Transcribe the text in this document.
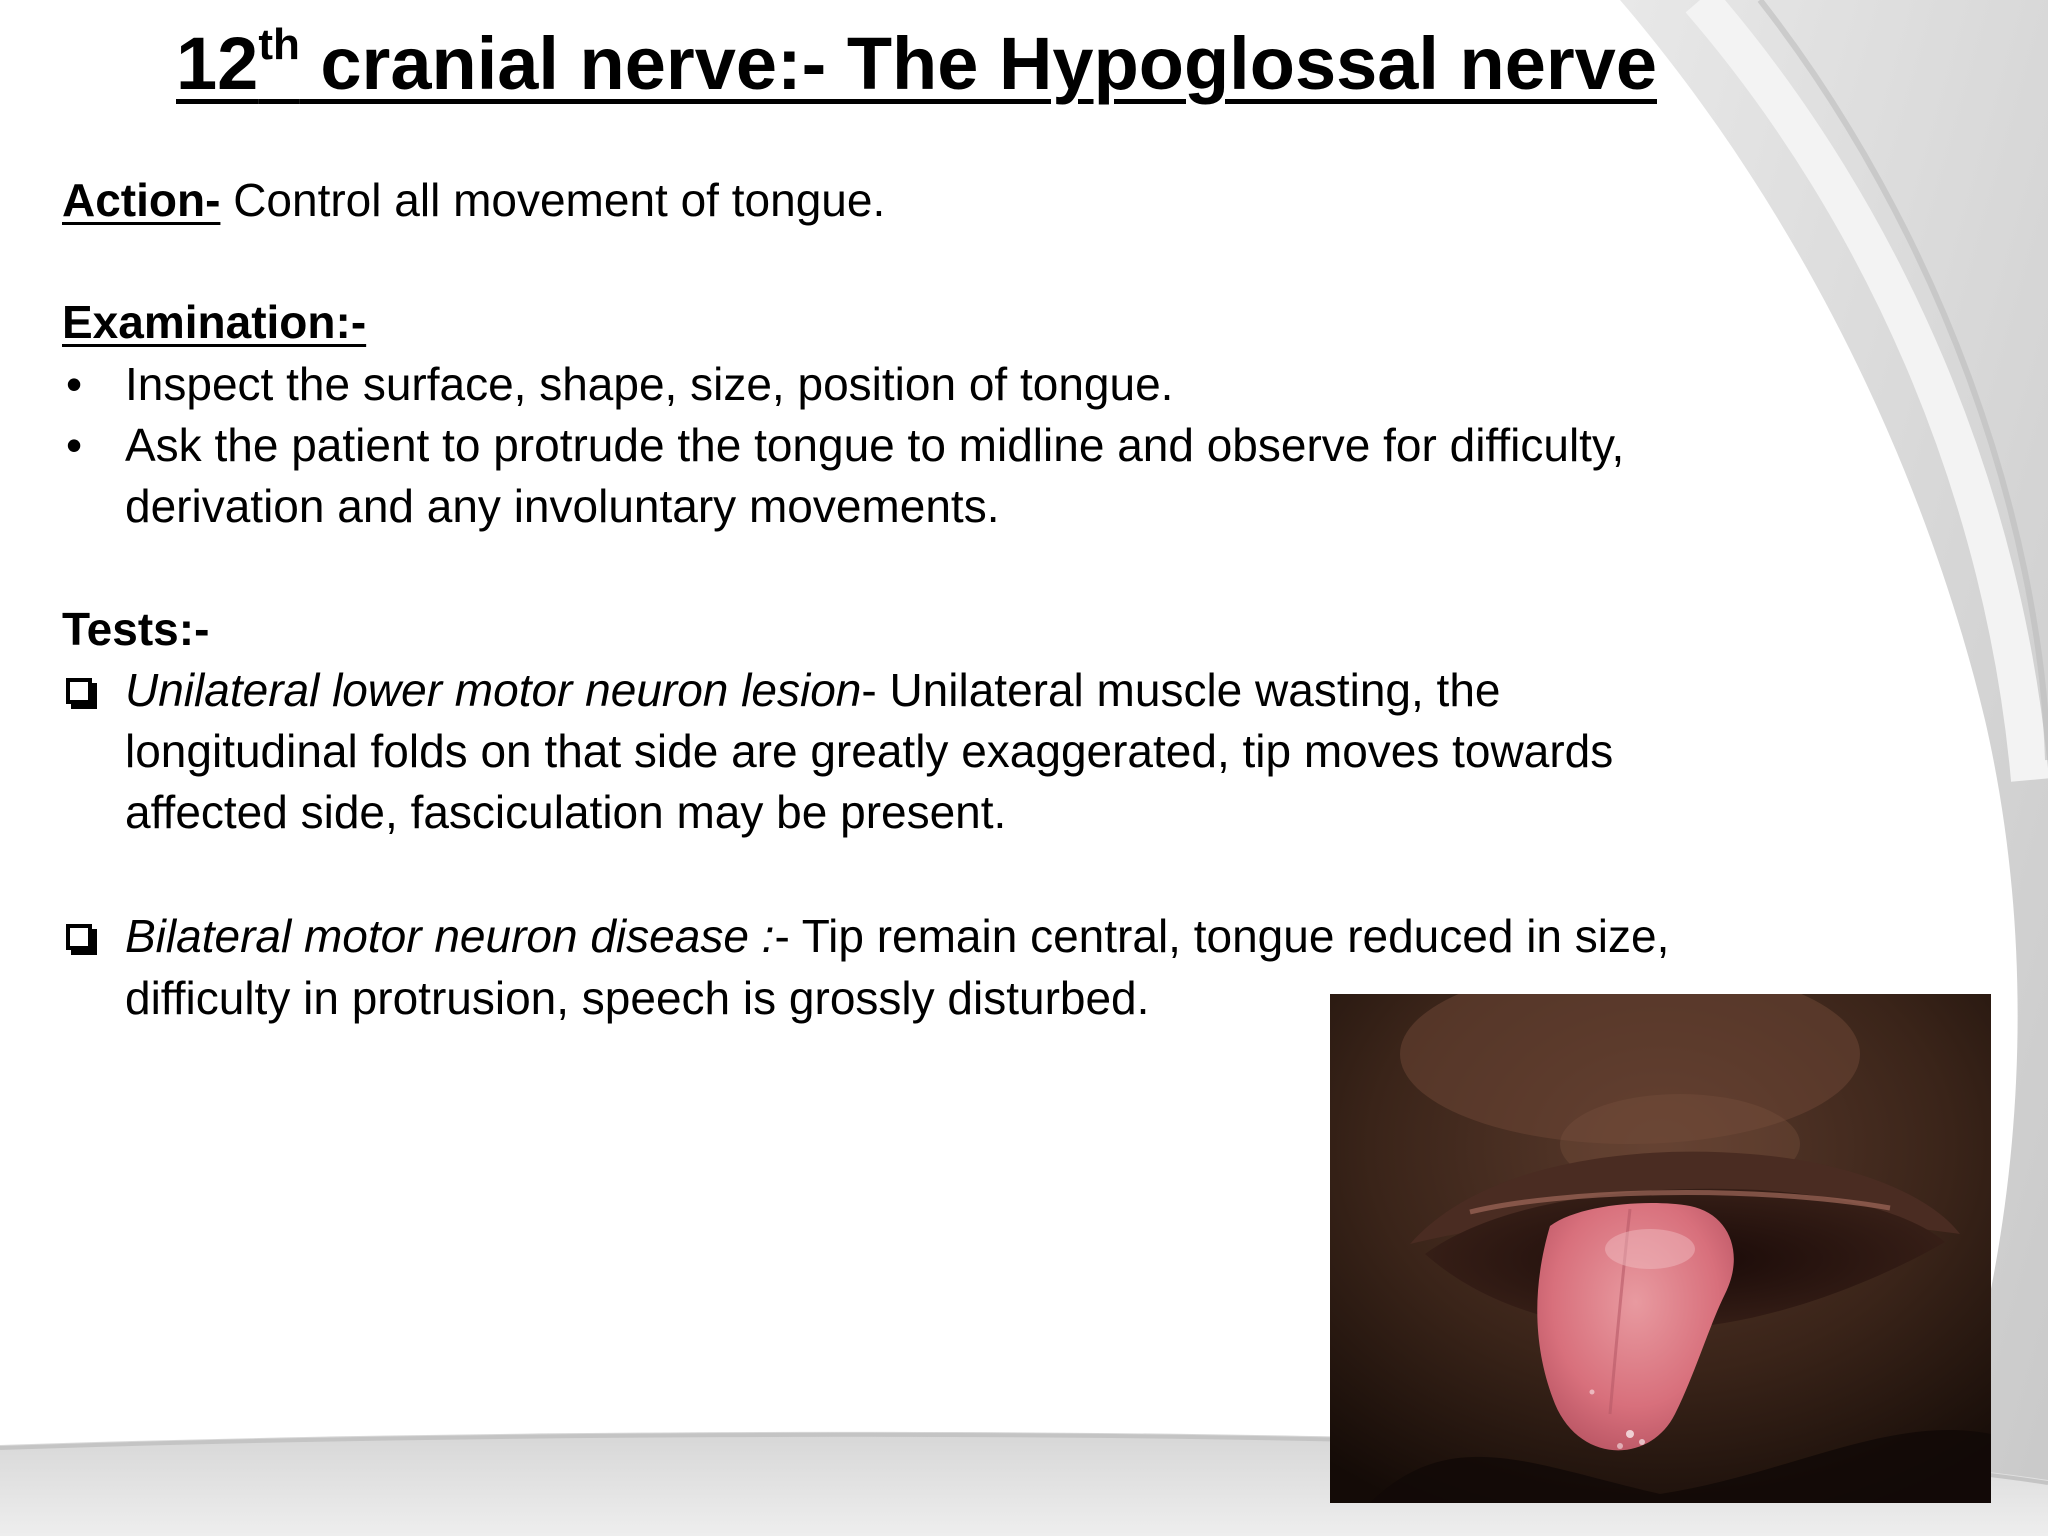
12th cranial nerve:- The Hypoglossal nerve
Action- Control all movement of tongue.
Examination:-
• Inspect the surface, shape, size, position of tongue.
• Ask the patient to protrude the tongue to midline and observe for difficulty,
derivation and any involuntary movements.
Tests:-
Unilateral lower motor neuron lesion- Unilateral muscle wasting, the
longitudinal folds on that side are greatly exaggerated, tip moves towards
affected side, fasciculation may be present.
Bilateral motor neuron disease :- Tip remain central, tongue reduced in size,
difficulty in protrusion, speech is grossly disturbed.
